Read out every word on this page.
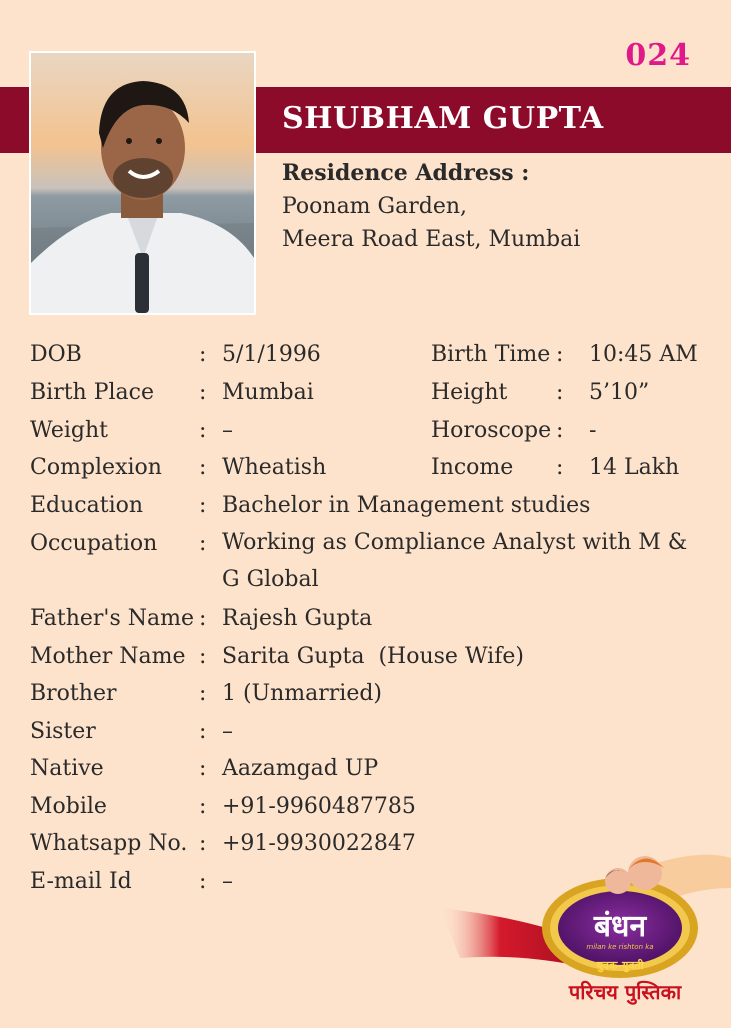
024
SHUBHAM GUPTA
Residence Address :
Poonam Garden,
Meera Road East, Mumbai
DOB	: 5/1/1996	Birth Time : 10:45 AM
Birth Place : Mumbai	Height : 5’10”
Weight	: –	Horoscope : -
Complexion : Wheatish	Income : 14 Lakh
Education	: Bachelor in Management studies
Occupation : Working as Compliance Analyst with M & G Global
Father's Name : Rajesh Gupta
Mother Name : Sarita Gupta  (House Wife)
Brother	: 1 (Unmarried)
Sister	: –
Native	: Aazamgad UP
Mobile	: +91-9960487785
Whatsapp No. : +91-9930022847
E-mail Id	: –
बंधन
milan ke rishton ka
युवक-युवती
परिचय पुस्तिका
